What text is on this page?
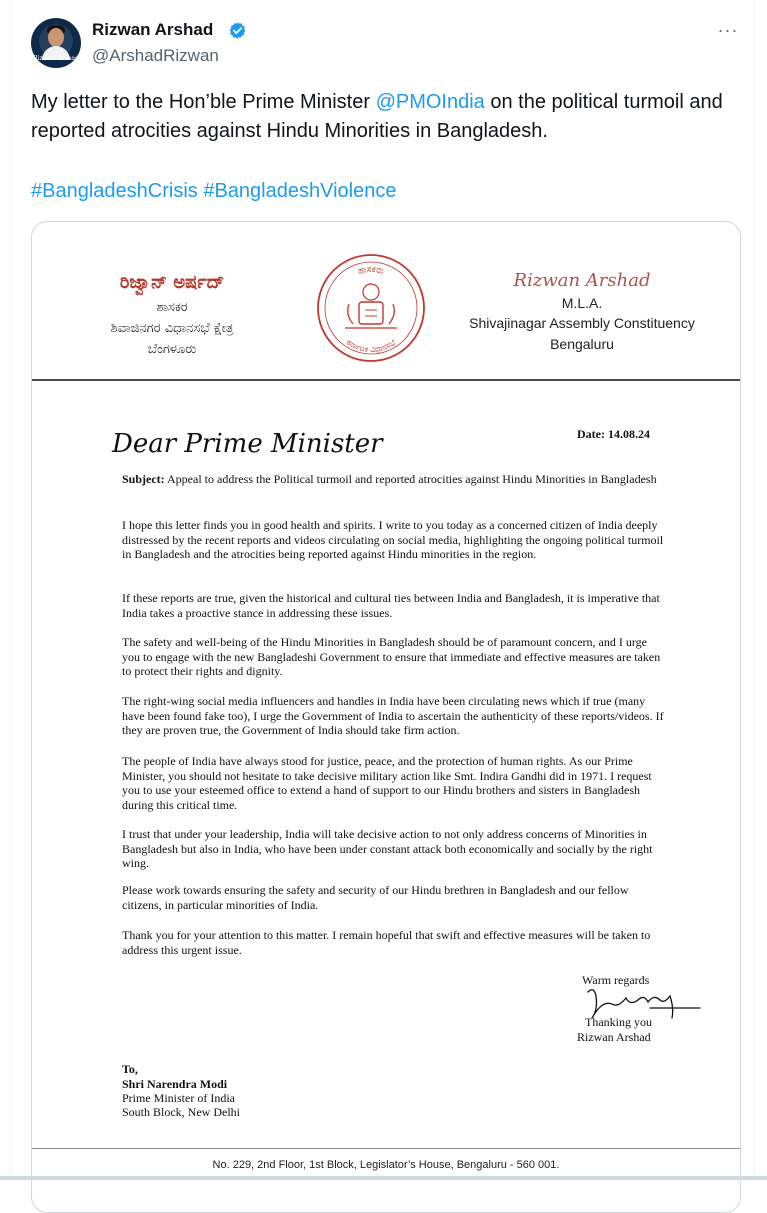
Rizwan Arshad
Rizwan Arshad
@ArshadRizwan
···
My letter to the Hon’ble Prime Minister @PMOIndia on the political turmoil and reported atrocities against Hindu Minorities in Bangladesh.
#BangladeshCrisis #BangladeshViolence
ರಿಜ್ವಾನ್ ಅರ್ಷದ್
ಶಾಸಕರ
ಶಿವಾಜಿನಗರ ವಿಧಾನಸಭೆ ಕ್ಷೇತ್ರ
ಬೆಂಗಳೂರು
ಶಾಸಕರು
ಕರ್ನಾಟಕ ವಿಧಾನಸಭೆ
Rizwan Arshad
M.L.A.
Shivajinagar Assembly Constituency
Bengaluru
Dear Prime Minister	Date: 14.08.24
Subject: Appeal to address the Political turmoil and reported atrocities against Hindu Minorities in Bangladesh
I hope this letter finds you in good health and spirits. I write to you today as a concerned citizen of India deeply distressed by the recent reports and videos circulating on social media, highlighting the ongoing political turmoil in Bangladesh and the atrocities being reported against Hindu minorities in the region.
If these reports are true, given the historical and cultural ties between India and Bangladesh, it is imperative that India takes a proactive stance in addressing these issues.
The safety and well-being of the Hindu Minorities in Bangladesh should be of paramount concern, and I urge you to engage with the new Bangladeshi Government to ensure that immediate and effective measures are taken to protect their rights and dignity.
The right-wing social media influencers and handles in India have been circulating news which if true (many have been found fake too), I urge the Government of India to ascertain the authenticity of these reports/videos. If they are proven true, the Government of India should take firm action.
The people of India have always stood for justice, peace, and the protection of human rights. As our Prime Minister, you should not hesitate to take decisive military action like Smt. Indira Gandhi did in 1971. I request you to use your esteemed office to extend a hand of support to our Hindu brothers and sisters in Bangladesh during this critical time.
I trust that under your leadership, India will take decisive action to not only address concerns of Minorities in Bangladesh but also in India, who have been under constant attack both economically and socially by the right wing.
Please work towards ensuring the safety and security of our Hindu brethren in Bangladesh and our fellow citizens, in particular minorities of India.
Thank you for your attention to this matter. I remain hopeful that swift and effective measures will be taken to address this urgent issue.
Warm regards
Thanking you
Rizwan Arshad
To,
Shri Narendra Modi
Prime Minister of India
South Block, New Delhi
No. 229, 2nd Floor, 1st Block, Legislator’s House, Bengaluru - 560 001.
